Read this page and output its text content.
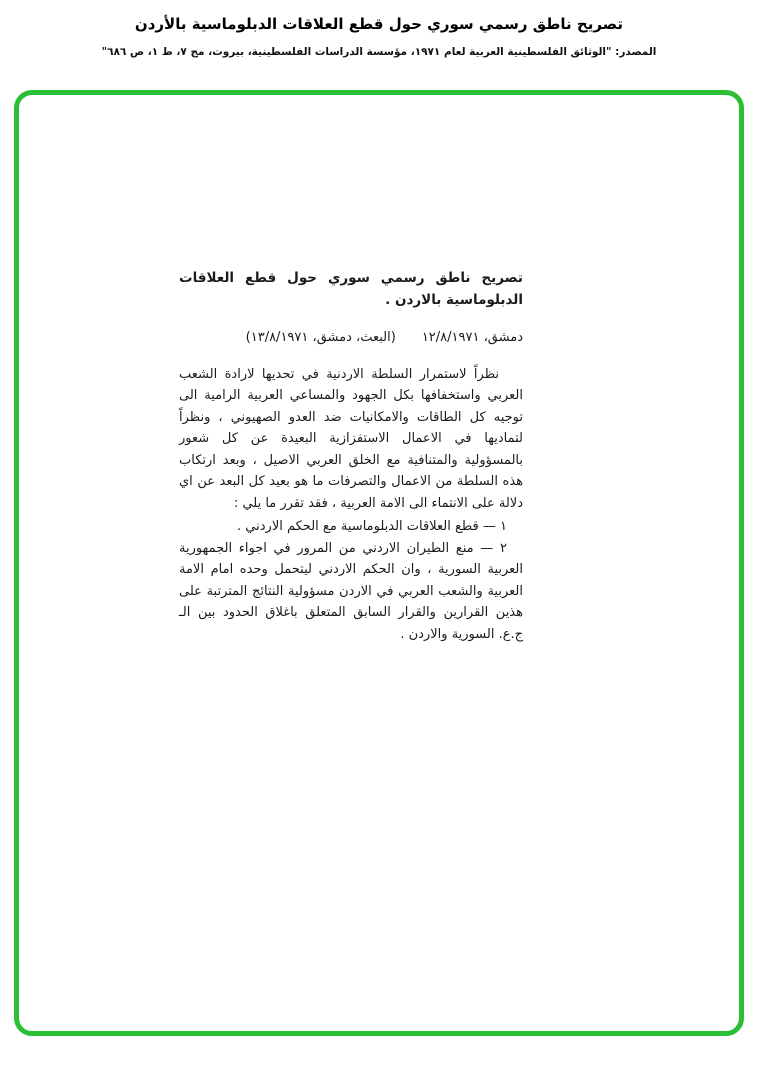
تصريح ناطق رسمي سوري حول قطع العلاقات الدبلوماسية بالأردن
المصدر: "الوثائق الفلسطينية العربية لعام ١٩٧١، مؤسسة الدراسات الفلسطينية، بيروت، مج ٧، ط ١، ص ٦٨٦"
تصريح ناطق رسمي سوري حول قطع العلاقات الدبلوماسية بالاردن .
دمشق، ١٢/٨/١٩٧١
(البعث، دمشق، ١٣/٨/١٩٧١)

نظراً لاستمرار السلطة الاردنية في تحديها لارادة الشعب العربي واستخفافها بكل الجهود والمساعي العربية الرامية الى توجيه كل الطاقات والامكانيات ضد العدو الصهيوني ، ونظراً لتماديها في الاعمال الاستفزازية البعيدة عن كل شعور بالمسؤولية والمتنافية مع الخلق العربي الاصيل ، وبعد ارتكاب هذه السلطة من الاعمال والتصرفات ما هو بعيد كل البعد عن اي دلالة على الانتماء الى الامة العربية ، فقد تقرر ما يلي :

١ — قطع العلاقات الدبلوماسية مع الحكم الاردني .

٢ — منع الطيران الاردني من المرور في اجواء الجمهورية العربية السورية ، وان الحكم الاردني ليتحمل وحده امام الامة العربية والشعب العربي في الاردن مسؤولية النتائج المترتبة على هذين القرارين والقرار السابق المتعلق باغلاق الحدود بين الـ ج.ع. السورية والاردن .
